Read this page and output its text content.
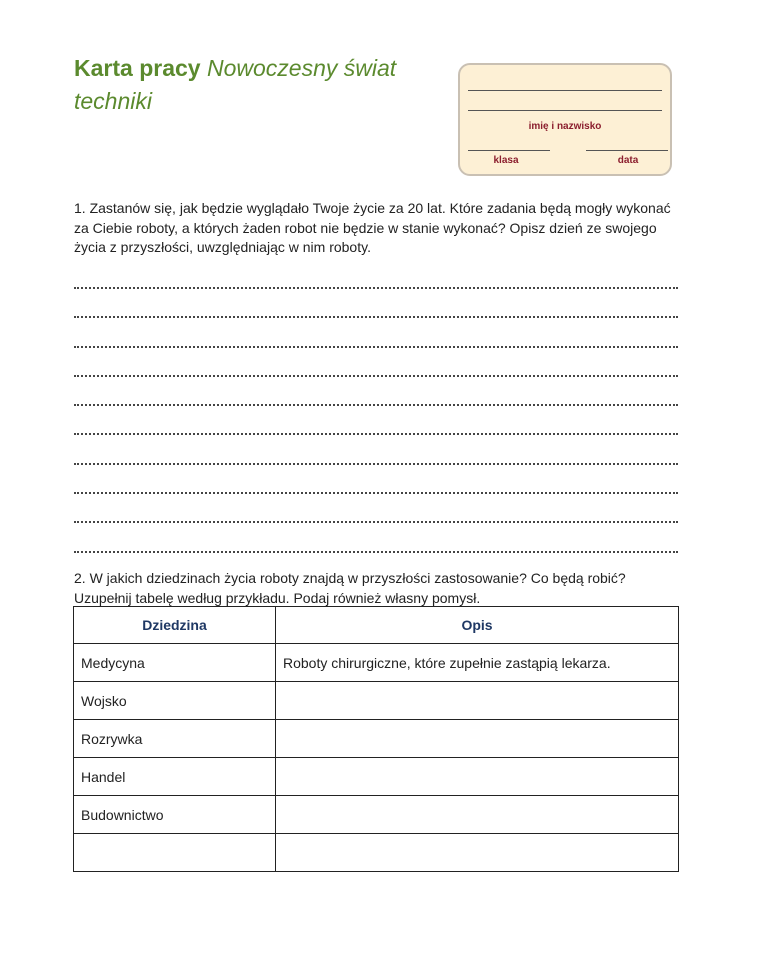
Karta pracy Nowoczesny świat techniki
imię i nazwisko
klasa	data
1. Zastanów się, jak będzie wyglądało Twoje życie za 20 lat. Które zadania będą mogły wykonać za Ciebie roboty, a których żaden robot nie będzie w stanie wykonać? Opisz dzień ze swojego życia z przyszłości, uwzględniając w nim roboty.
2. W jakich dziedzinach życia roboty znajdą w przyszłości zastosowanie? Co będą robić? Uzupełnij tabelę według przykładu. Podaj również własny pomysł.
Dziedzina	Opis
Medycyna	Roboty chirurgiczne, które zupełnie zastąpią lekarza.
Wojsko	
Rozrywka	
Handel	
Budownictwo	
